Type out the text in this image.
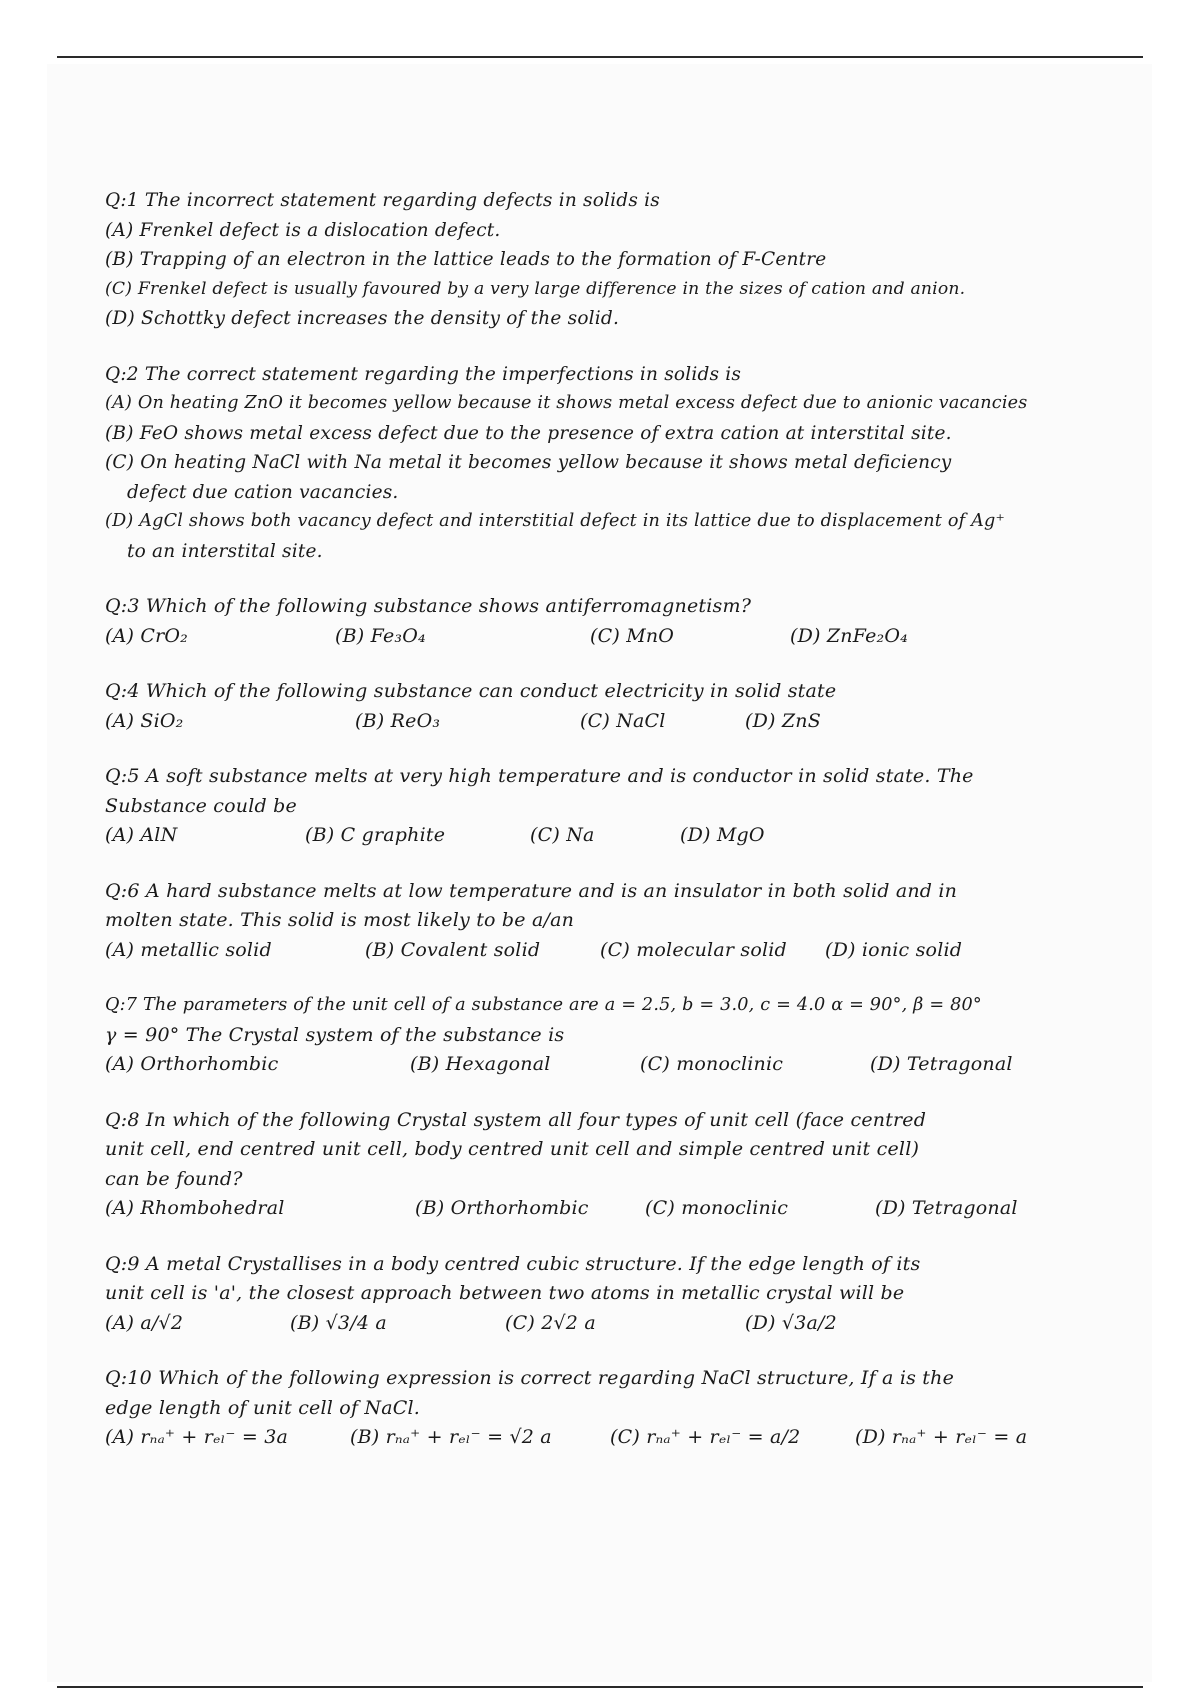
Q:1 The incorrect statement regarding defects in solids is
(A) Frenkel defect is a dislocation defect.
(B) Trapping of an electron in the lattice leads to the formation of F-Centre
(C) Frenkel defect is usually favoured by a very large difference in the sizes of cation and anion.
(D) Schottky defect increases the density of the solid.
Q:2 The correct statement regarding the imperfections in solids is
(A) On heating ZnO it becomes yellow because it shows metal excess defect due to anionic vacancies
(B) FeO shows metal excess defect due to the presence of extra cation at interstital site.
(C) On heating NaCl with Na metal it becomes yellow because it shows metal deficiency
defect due cation vacancies.
(D) AgCl shows both vacancy defect and interstitial defect in its lattice due to displacement of Ag⁺
to an interstital site.
Q:3 Which of the following substance shows antiferromagnetism?
(A) CrO₂	(B) Fe₃O₄	(C) MnO	(D) ZnFe₂O₄
Q:4 Which of the following substance can conduct electricity in solid state
(A) SiO₂	(B) ReO₃	(C) NaCl	(D) ZnS
Q:5 A soft substance melts at very high temperature and is conductor in solid state. The
Substance could be
(A) AlN	(B) C graphite	(C) Na	(D) MgO
Q:6 A hard substance melts at low temperature and is an insulator in both solid and in
molten state. This solid is most likely to be a/an
(A) metallic solid	(B) Covalent solid	(C) molecular solid	(D) ionic solid
Q:7 The parameters of the unit cell of a substance are a = 2.5, b = 3.0, c = 4.0 α = 90°, β = 80°
γ = 90° The Crystal system of the substance is
(A) Orthorhombic	(B) Hexagonal	(C) monoclinic	(D) Tetragonal
Q:8 In which of the following Crystal system all four types of unit cell (face centred
unit cell, end centred unit cell, body centred unit cell and simple centred unit cell)
can be found?
(A) Rhombohedral	(B) Orthorhombic	(C) monoclinic	(D) Tetragonal
Q:9 A metal Crystallises in a body centred cubic structure. If the edge length of its
unit cell is 'a', the closest approach between two atoms in metallic crystal will be
(A) a/√2	(B) √3/4 a	(C) 2√2 a	(D) √3a/2
Q:10 Which of the following expression is correct regarding NaCl structure, If a is the
edge length of unit cell of NaCl.
(A) rₙₐ⁺ + rₑₗ⁻ = 3a	(B) rₙₐ⁺ + rₑₗ⁻ = √2 a	(C) rₙₐ⁺ + rₑₗ⁻ = a/2	(D) rₙₐ⁺ + rₑₗ⁻ = a
